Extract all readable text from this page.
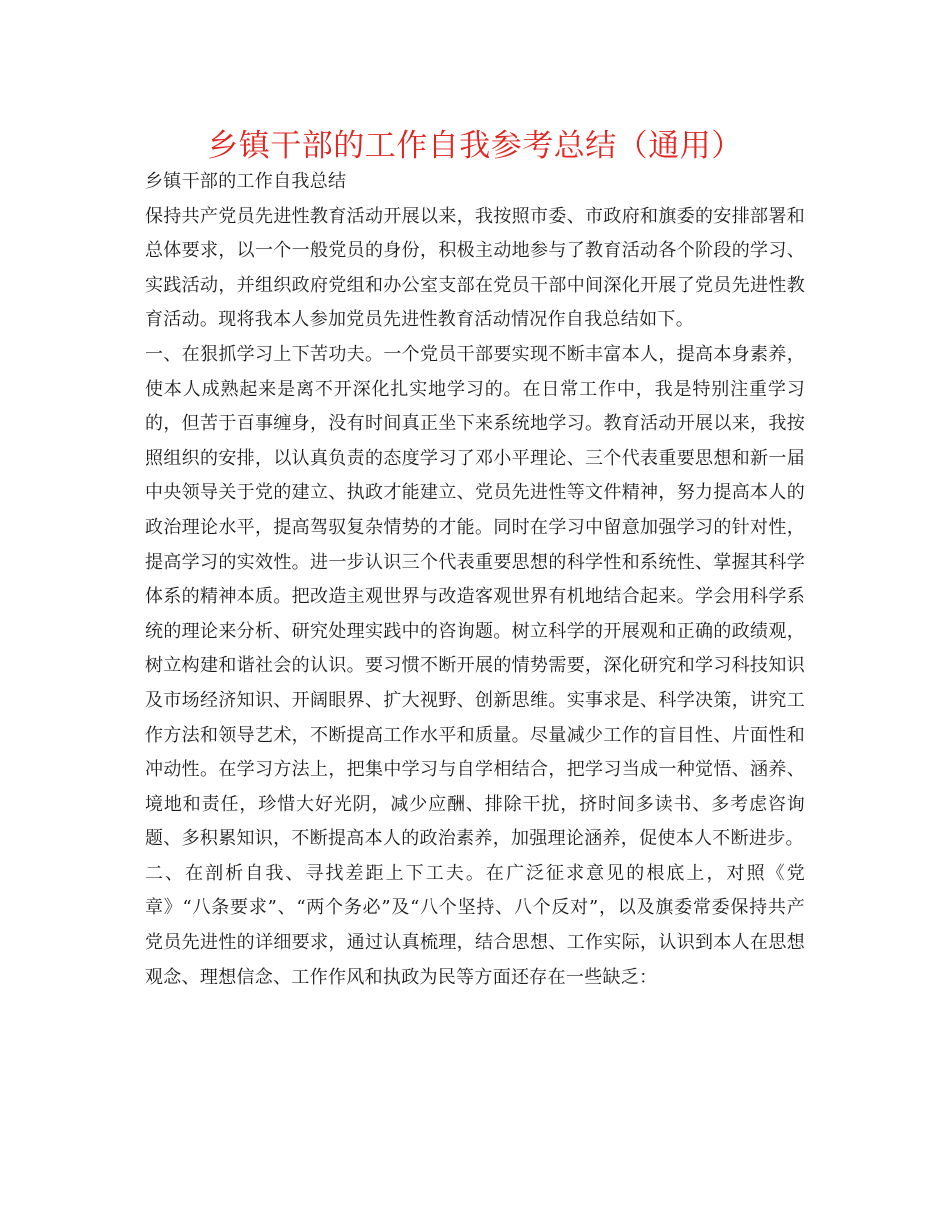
乡镇干部的工作自我参考总结（通用）

乡镇干部的工作自我总结

保持共产党员先进性教育活动开展以来，我按照市委、市政府和旗委的安排部署和总体要求，以一个一般党员的身份，积极主动地参与了教育活动各个阶段的学习、实践活动，并组织政府党组和办公室支部在党员干部中间深化开展了党员先进性教育活动。现将我本人参加党员先进性教育活动情况作自我总结如下。

一、在狠抓学习上下苦功夫。一个党员干部要实现不断丰富本人，提高本身素养，使本人成熟起来是离不开深化扎实地学习的。在日常工作中，我是特别注重学习的，但苦于百事缠身，没有时间真正坐下来系统地学习。教育活动开展以来，我按照组织的安排，以认真负责的态度学习了邓小平理论、三个代表重要思想和新一届中央领导关于党的建立、执政才能建立、党员先进性等文件精神，努力提高本人的政治理论水平，提高驾驭复杂情势的才能。同时在学习中留意加强学习的针对性，提高学习的实效性。进一步认识三个代表重要思想的科学性和系统性、掌握其科学体系的精神本质。把改造主观世界与改造客观世界有机地结合起来。学会用科学系统的理论来分析、研究处理实践中的咨询题。树立科学的开展观和正确的政绩观，树立构建和谐社会的认识。要习惯不断开展的情势需要，深化研究和学习科技知识及市场经济知识、开阔眼界、扩大视野、创新思维。实事求是、科学决策，讲究工作方法和领导艺术，不断提高工作水平和质量。尽量减少工作的盲目性、片面性和冲动性。在学习方法上，把集中学习与自学相结合，把学习当成一种觉悟、涵养、境地和责任，珍惜大好光阴，减少应酬、排除干扰，挤时间多读书、多考虑咨询题、多积累知识，不断提高本人的政治素养，加强理论涵养，促使本人不断进步。

二、在剖析自我、寻找差距上下工夫。在广泛征求意见的根底上，对照《党章》“八条要求”、“两个务必”及“八个坚持、八个反对”，以及旗委常委保持共产党员先进性的详细要求，通过认真梳理，结合思想、工作实际，认识到本人在思想观念、理想信念、工作作风和执政为民等方面还存在一些缺乏：
